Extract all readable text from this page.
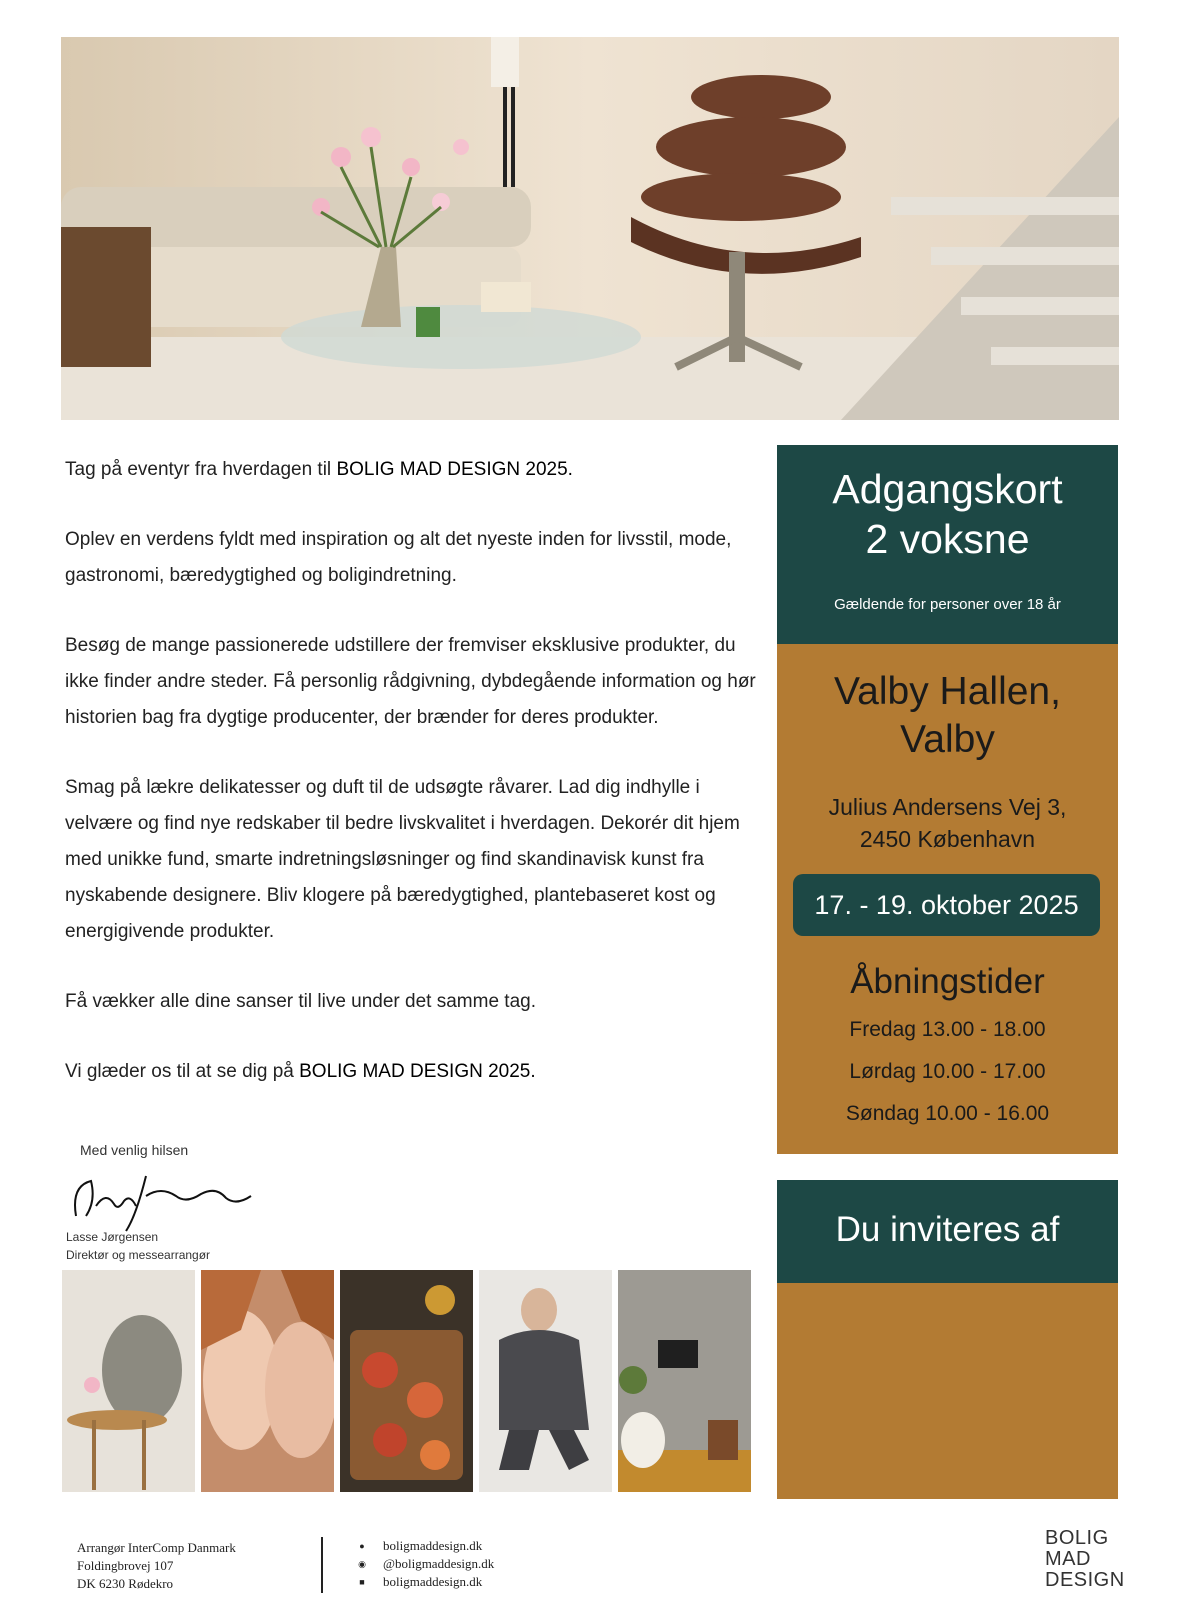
Tag på eventyr fra hverdagen til BOLIG MAD DESIGN 2025.

Oplev en verdens fyldt med inspiration og alt det nyeste inden for livsstil, mode, gastronomi, bæredygtighed og boligindretning.

Besøg de mange passionerede udstillere der fremviser eksklusive produkter, du ikke finder andre steder. Få personlig rådgivning, dybdegående information og hør historien bag fra dygtige producenter, der brænder for deres produkter.

Smag på lækre delikatesser og duft til de udsøgte råvarer. Lad dig indhylle i velvære og find nye redskaber til bedre livskvalitet i hverdagen. Dekorér dit hjem med unikke fund, smarte indretningsløsninger og find skandinavisk kunst fra nyskabende designere. Bliv klogere på bæredygtighed, plantebaseret kost og energigivende produkter.

Få vækker alle dine sanser til live under det samme tag.

Vi glæder os til at se dig på BOLIG MAD DESIGN 2025.

Med venlig hilsen
Lasse Jørgensen
Direktør og messearrangør
Adgangskort
2 voksne
Gældende for personer over 18 år
Valby Hallen,
Valby
Julius Andersens Vej 3,
2450 København
17. - 19. oktober 2025
Åbningstider
Fredag 13.00 - 18.00
Lørdag 10.00 - 17.00
Søndag 10.00 - 16.00
Du inviteres af
Arrangør InterComp Danmark
Foldingbrovej 107
DK 6230 Rødekro
● boligmaddesign.dk
◉ @boligmaddesign.dk
■ boligmaddesign.dk
BOLIG
MAD
DESIGN
